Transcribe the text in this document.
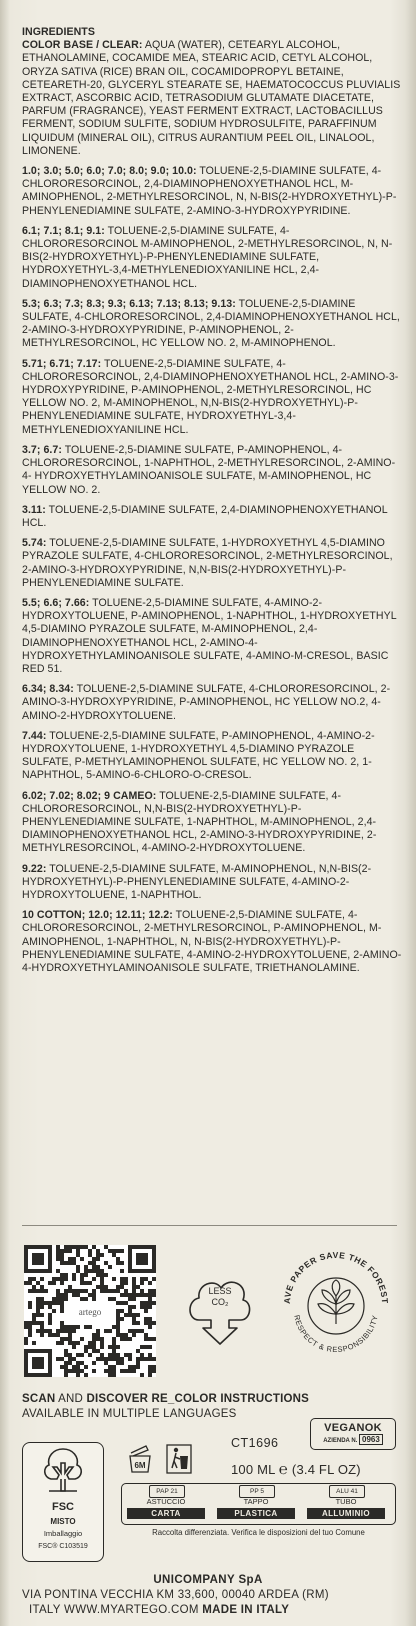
INGREDIENTS
COLOR BASE / CLEAR: AQUA (WATER), CETEARYL ALCOHOL, ETHANOLAMINE, COCAMIDE MEA, STEARIC ACID, CETYL ALCOHOL, ORYZA SATIVA (RICE) BRAN OIL, COCAMIDOPROPYL BETAINE, CETEARETH-20, GLYCERYL STEARATE SE, HAEMATOCOCCUS PLUVIALIS EXTRACT, ASCORBIC ACID, TETRASODIUM GLUTAMATE DIACETATE, PARFUM (FRAGRANCE), YEAST FERMENT EXTRACT, LACTOBACILLUS FERMENT, SODIUM SULFITE, SODIUM HYDROSULFITE, PARAFFINUM LIQUIDUM (MINERAL OIL), CITRUS AURANTIUM PEEL OIL, LINALOOL, LIMONENE.
1.0; 3.0; 5.0; 6.0; 7.0; 8.0; 9.0; 10.0: TOLUENE-2,5-DIAMINE SULFATE, 4-CHLORORESORCINOL, 2,4-DIAMINOPHENOXYETHANOL HCL, M-AMINOPHENOL, 2-METHYLRESORCINOL, N, N-BIS(2-HYDROXYETHYL)-P-PHENYLENEDIAMINE SULFATE, 2-AMINO-3-HYDROXYPYRIDINE.
6.1; 7.1; 8.1; 9.1: TOLUENE-2,5-DIAMINE SULFATE, 4-CHLORORESORCINOL M-AMINOPHENOL, 2-METHYLRESORCINOL, N, N-BIS(2-HYDROXYETHYL)-P-PHENYLENEDIAMINE SULFATE, HYDROXYETHYL-3,4-METHYLENEDIOXYANILINE HCL, 2,4-DIAMINOPHENOXYETHANOL HCL.
5.3; 6.3; 7.3; 8.3; 9.3; 6.13; 7.13; 8.13; 9.13: TOLUENE-2,5-DIAMINE SULFATE, 4-CHLORORESORCINOL, 2,4-DIAMINOPHENOXYETHANOL HCL, 2-AMINO-3-HYDROXYPYRIDINE, P-AMINOPHENOL, 2-METHYLRESORCINOL, HC YELLOW NO. 2, M-AMINOPHENOL.
5.71; 6.71; 7.17: TOLUENE-2,5-DIAMINE SULFATE, 4-CHLORORESORCINOL, 2,4-DIAMINOPHENOXYETHANOL HCL, 2-AMINO-3-HYDROXYPYRIDINE, P-AMINOPHENOL, 2-METHYLRESORCINOL, HC YELLOW NO. 2, M-AMINOPHENOL, N,N-BIS(2-HYDROXYETHYL)-P-PHENYLENEDIAMINE SULFATE, HYDROXYETHYL-3,4-METHYLENEDIOXYANILINE HCL.
3.7; 6.7: TOLUENE-2,5-DIAMINE SULFATE, P-AMINOPHENOL, 4-CHLORORESORCINOL, 1-NAPHTHOL, 2-METHYLRESORCINOL, 2-AMINO-4- HYDROXYETHYLAMINOANISOLE SULFATE, M-AMINOPHENOL, HC YELLOW NO. 2.
3.11: TOLUENE-2,5-DIAMINE SULFATE, 2,4-DIAMINOPHENOXYETHANOL HCL.
5.74: TOLUENE-2,5-DIAMINE SULFATE, 1-HYDROXYETHYL 4,5-DIAMINO PYRAZOLE SULFATE, 4-CHLORORESORCINOL, 2-METHYLRESORCINOL, 2-AMINO-3-HYDROXYPYRIDINE, N,N-BIS(2-HYDROXYETHYL)-P-PHENYLENEDIAMINE SULFATE.
5.5; 6.6; 7.66: TOLUENE-2,5-DIAMINE SULFATE, 4-AMINO-2-HYDROXYTOLUENE, P-AMINOPHENOL, 1-NAPHTHOL, 1-HYDROXYETHYL 4,5-DIAMINO PYRAZOLE SULFATE, M-AMINOPHENOL, 2,4-DIAMINOPHENOXYETHANOL HCL, 2-AMINO-4-HYDROXYETHYLAMINOANISOLE SULFATE, 4-AMINO-M-CRESOL, BASIC RED 51.
6.34; 8.34: TOLUENE-2,5-DIAMINE SULFATE, 4-CHLORORESORCINOL, 2-AMINO-3-HYDROXYPYRIDINE, P-AMINOPHENOL, HC YELLOW NO.2, 4-AMINO-2-HYDROXYTOLUENE.
7.44: TOLUENE-2,5-DIAMINE SULFATE, P-AMINOPHENOL, 4-AMINO-2-HYDROXYTOLUENE, 1-HYDROXYETHYL 4,5-DIAMINO PYRAZOLE SULFATE, P-METHYLAMINOPHENOL SULFATE, HC YELLOW NO. 2, 1-NAPHTHOL, 5-AMINO-6-CHLORO-O-CRESOL.
6.02; 7.02; 8.02; 9 CAMEO: TOLUENE-2,5-DIAMINE SULFATE, 4-CHLORORESORCINOL, N,N-BIS(2-HYDROXYETHYL)-P-PHENYLENEDIAMINE SULFATE, 1-NAPHTHOL, M-AMINOPHENOL, 2,4-DIAMINOPHENOXYETHANOL HCL, 2-AMINO-3-HYDROXYPYRIDINE, 2-METHYLRESORCINOL, 4-AMINO-2-HYDROXYTOLUENE.
9.22: TOLUENE-2,5-DIAMINE SULFATE, M-AMINOPHENOL, N,N-BIS(2-HYDROXYETHYL)-P-PHENYLENEDIAMINE SULFATE, 4-AMINO-2-HYDROXYTOLUENE, 1-NAPHTHOL.
10 COTTON; 12.0; 12.11; 12.2: TOLUENE-2,5-DIAMINE SULFATE, 4-CHLORORESORCINOL, 2-METHYLRESORCINOL, P-AMINOPHENOL, M-AMINOPHENOL, 1-NAPHTHOL, N, N-BIS(2-HYDROXYETHYL)-P-PHENYLENEDIAMINE SULFATE, 4-AMINO-2-HYDROXYTOLUENE, 2-AMINO-4-HYDROXYETHYLAMINOANISOLE SULFATE, TRIETHANOLAMINE.
artego
LESS
CO₂	AVE PAPER SAVE THE FOREST
RESPECT & RESPONSIBILITY
SCAN AND DISCOVER RE_COLOR INSTRUCTIONS
AVAILABLE IN MULTIPLE LANGUAGES
VEGANOK
AZIENDA N. 0963
CT1696
100 ML ℮ (3.4 FL OZ)
6M
FSC
MISTO
Imballaggio
FSC® C103519
PAP 21
ASTUCCIO
CARTA
PP 5
TAPPO
PLASTICA
ALU 41
TUBO
ALLUMINIO
Raccolta differenziata. Verifica le disposizioni del tuo Comune
UNICOMPANY SpA
VIA PONTINA VECCHIA KM 33,600, 00040 ARDEA (RM)
ITALY WWW.MYARTEGO.COM MADE IN ITALY
